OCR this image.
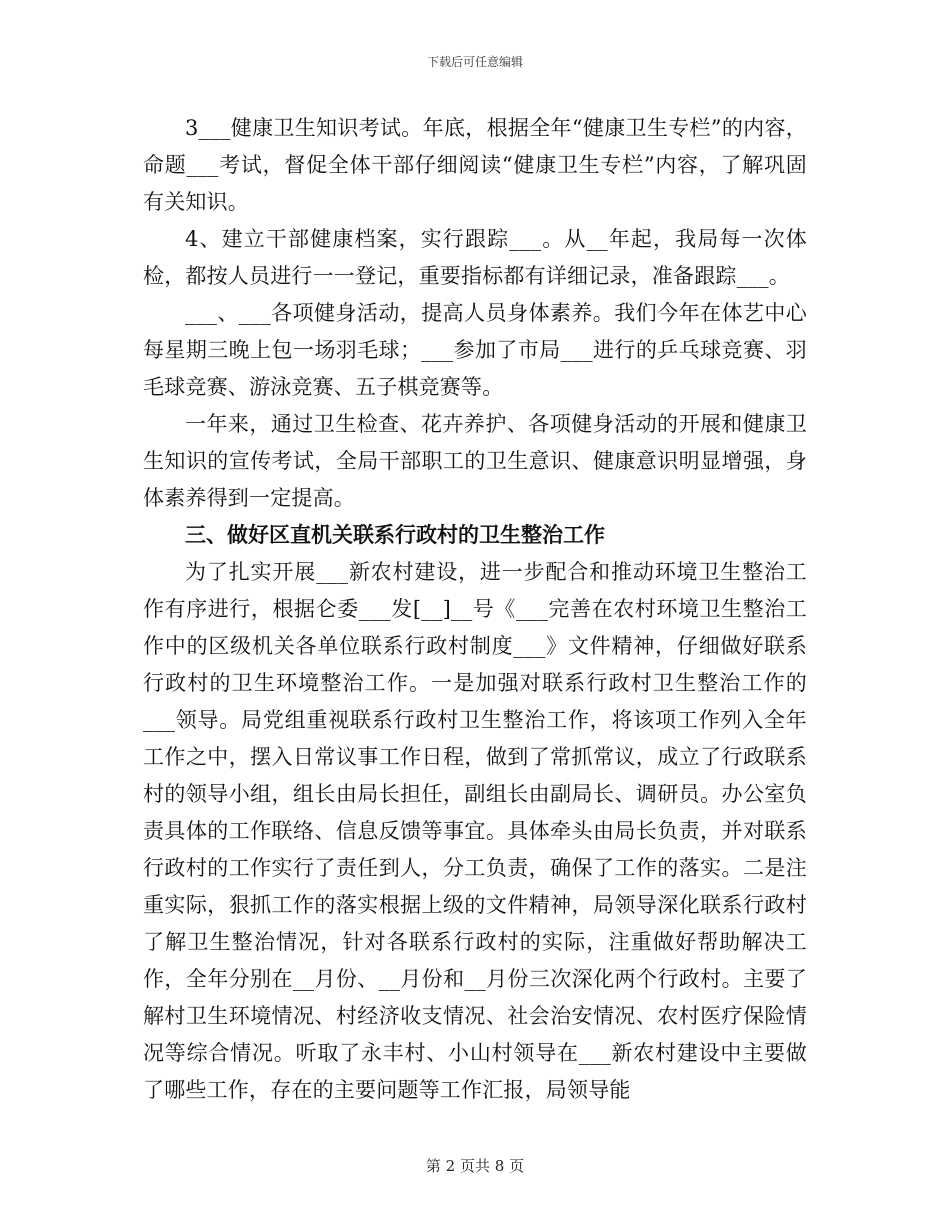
下载后可任意编辑

3___健康卫生知识考试。年底，根据全年“健康卫生专栏”的内容，命题___考试，督促全体干部仔细阅读“健康卫生专栏”内容，了解巩固有关知识。

4、建立干部健康档案，实行跟踪___。从__年起，我局每一次体检，都按人员进行一一登记，重要指标都有详细记录，准备跟踪___。

___、___各项健身活动，提高人员身体素养。我们今年在体艺中心每星期三晚上包一场羽毛球；___参加了市局___进行的乒乓球竞赛、羽毛球竞赛、游泳竞赛、五子棋竞赛等。

一年来，通过卫生检查、花卉养护、各项健身活动的开展和健康卫生知识的宣传考试，全局干部职工的卫生意识、健康意识明显增强，身体素养得到一定提高。

三、做好区直机关联系行政村的卫生整治工作

为了扎实开展___新农村建设，进一步配合和推动环境卫生整治工作有序进行，根据仑委___发[__]__号《___完善在农村环境卫生整治工作中的区级机关各单位联系行政村制度___》文件精神，仔细做好联系行政村的卫生环境整治工作。一是加强对联系行政村卫生整治工作的___领导。局党组重视联系行政村卫生整治工作，将该项工作列入全年工作之中，摆入日常议事工作日程，做到了常抓常议，成立了行政联系村的领导小组，组长由局长担任，副组长由副局长、调研员。办公室负责具体的工作联络、信息反馈等事宜。具体牵头由局长负责，并对联系行政村的工作实行了责任到人，分工负责，确保了工作的落实。二是注重实际，狠抓工作的落实根据上级的文件精神，局领导深化联系行政村了解卫生整治情况，针对各联系行政村的实际，注重做好帮助解决工作，全年分别在__月份、__月份和__月份三次深化两个行政村。主要了解村卫生环境情况、村经济收支情况、社会治安情况、农村医疗保险情况等综合情况。听取了永丰村、小山村领导在___新农村建设中主要做了哪些工作，存在的主要问题等工作汇报，局领导能

第 2 页共 8 页
